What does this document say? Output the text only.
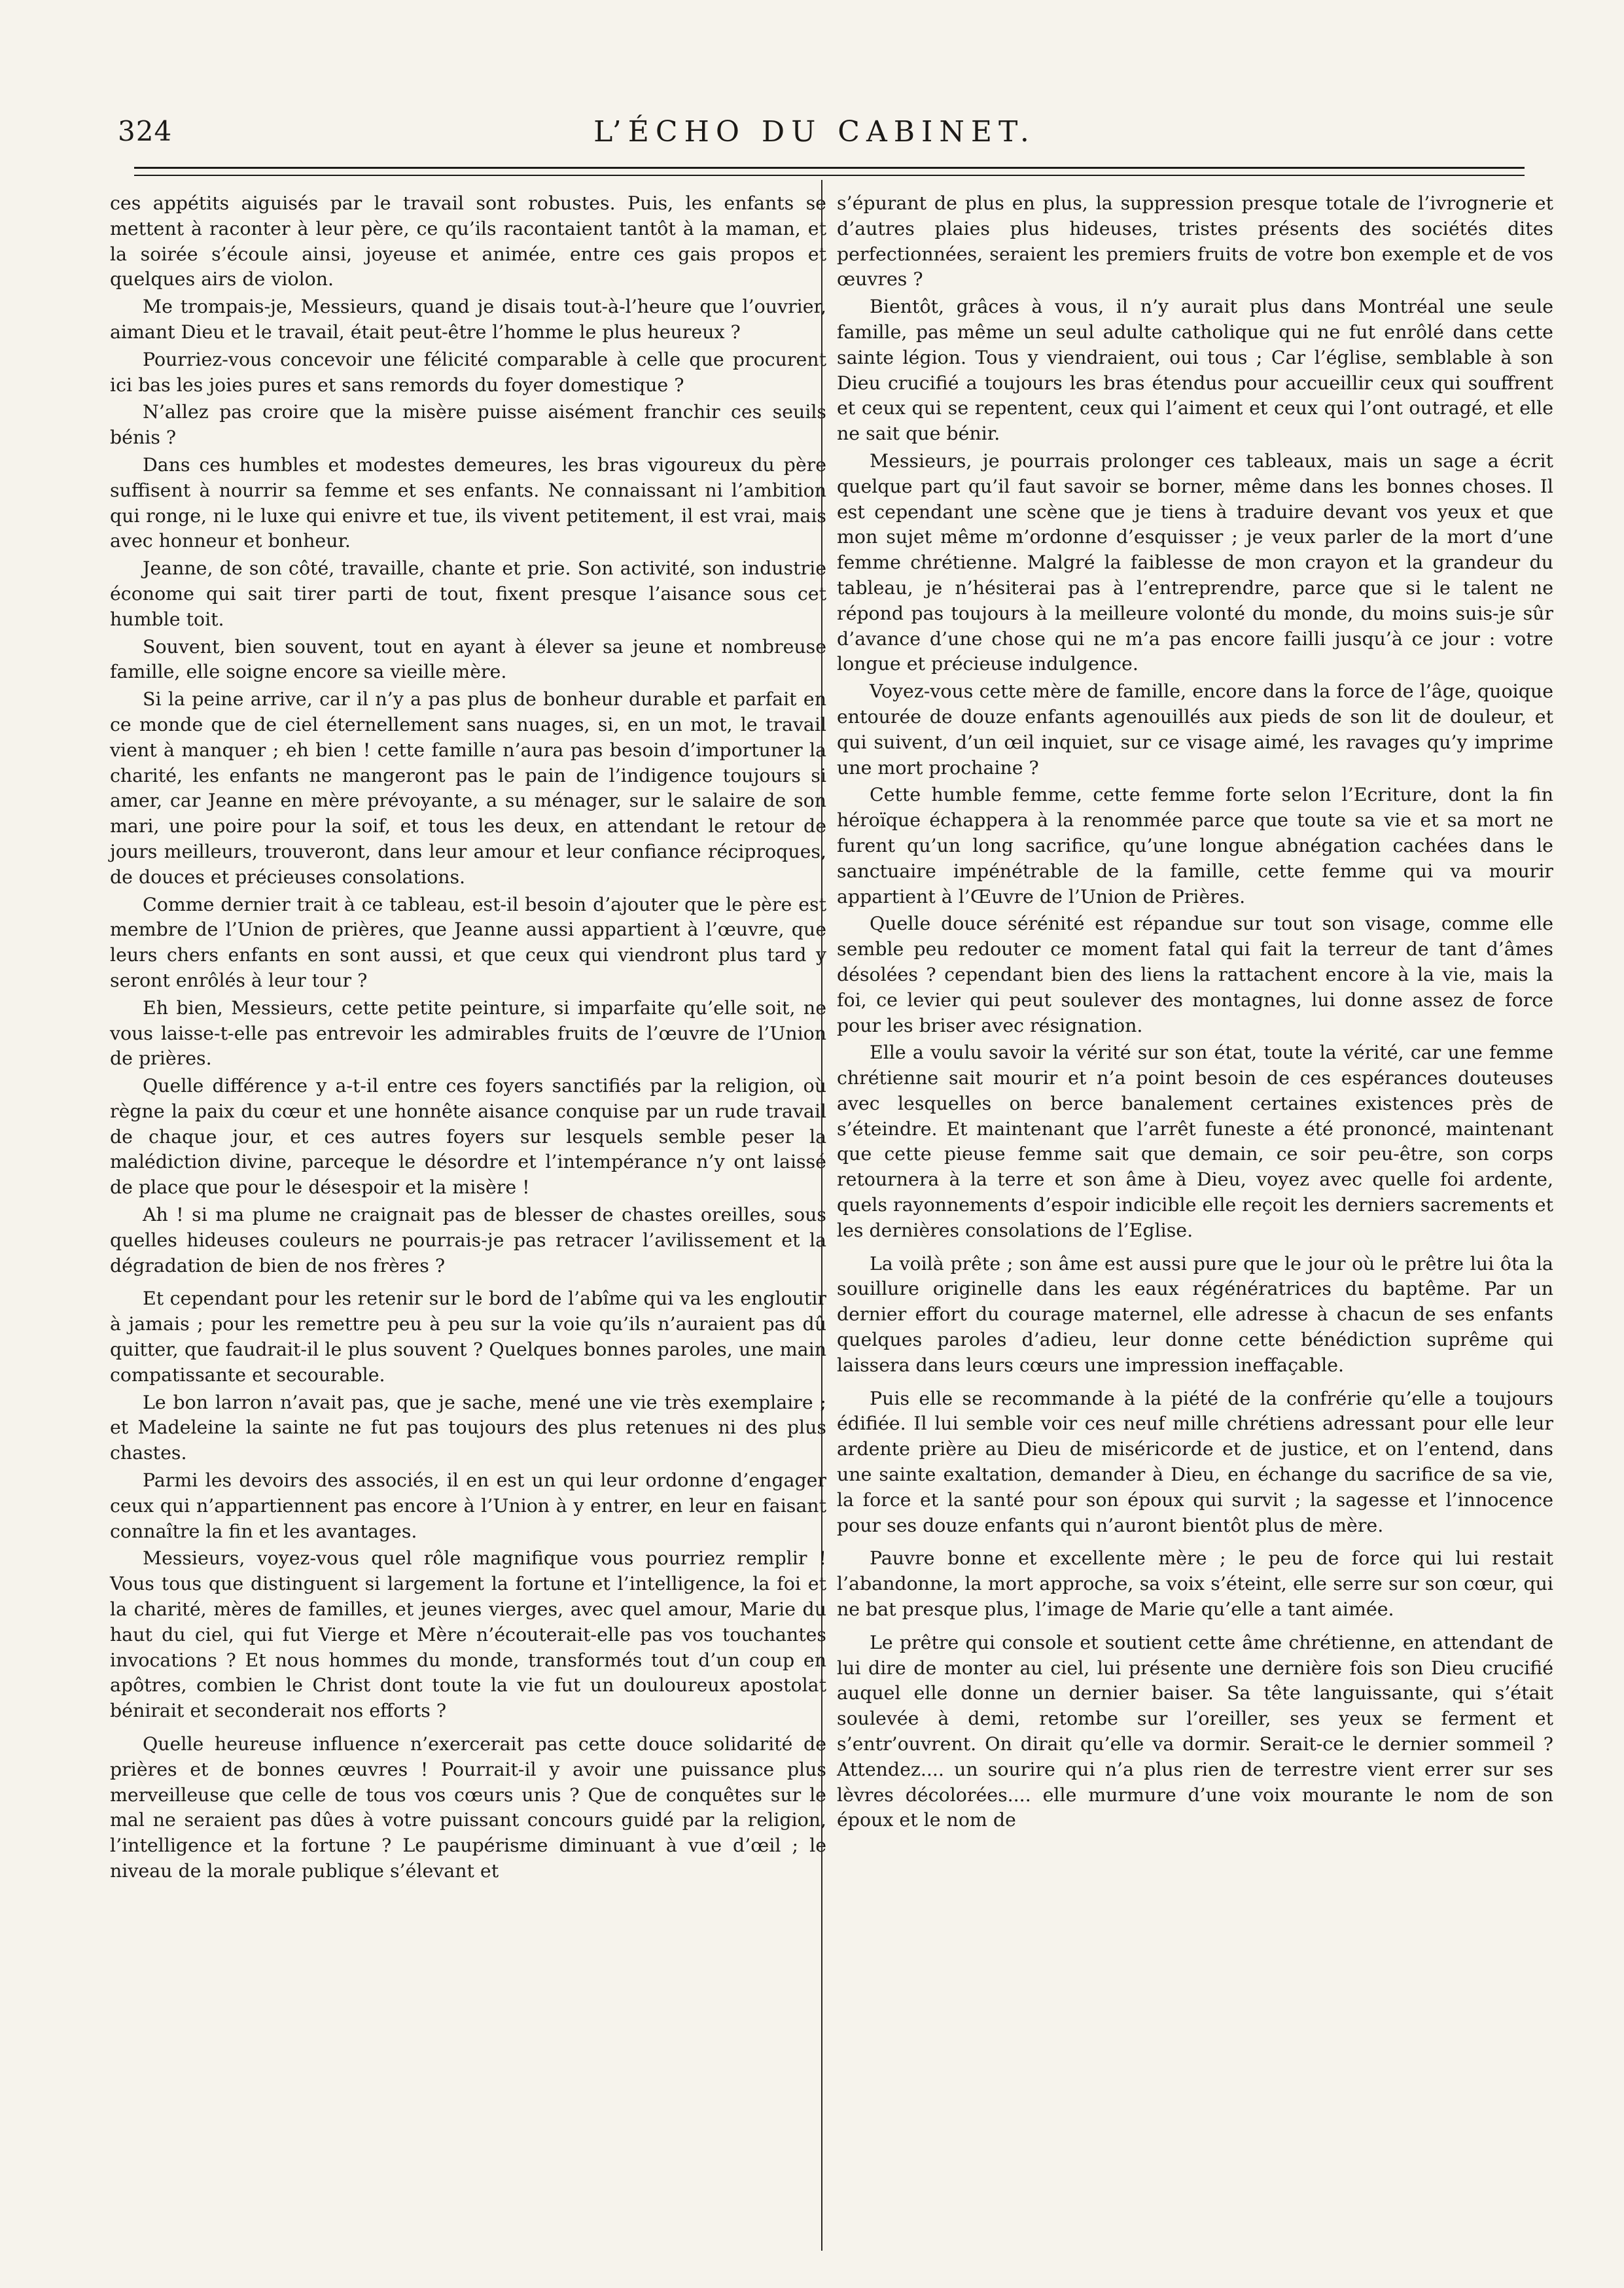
324	L’ÉCHO DU CABINET.

ces appétits aiguisés par le travail sont robustes. Puis, les enfants se mettent à raconter à leur père, ce qu’ils racontaient tantôt à la maman, et la soirée s’écoule ainsi, joyeuse et animée, entre ces gais propos et quelques airs de violon.

Me trompais-je, Messieurs, quand je disais tout-à-l’heure que l’ouvrier, aimant Dieu et le travail, était peut-être l’homme le plus heureux ?

Pourriez-vous concevoir une félicité comparable à celle que procurent ici bas les joies pures et sans remords du foyer domestique ?

N’allez pas croire que la misère puisse aisément franchir ces seuils bénis ?

Dans ces humbles et modestes demeures, les bras vigoureux du père suffisent à nourrir sa femme et ses enfants. Ne connaissant ni l’ambition qui ronge, ni le luxe qui enivre et tue, ils vivent petitement, il est vrai, mais avec honneur et bonheur.

Jeanne, de son côté, travaille, chante et prie. Son activité, son industrie économe qui sait tirer parti de tout, fixent presque l’aisance sous cet humble toit.

Souvent, bien souvent, tout en ayant à élever sa jeune et nombreuse famille, elle soigne encore sa vieille mère.

Si la peine arrive, car il n’y a pas plus de bonheur durable et parfait en ce monde que de ciel éternellement sans nuages, si, en un mot, le travail vient à manquer ; eh bien ! cette famille n’aura pas besoin d’importuner la charité, les enfants ne mangeront pas le pain de l’indigence toujours si amer, car Jeanne en mère prévoyante, a su ménager, sur le salaire de son mari, une poire pour la soif, et tous les deux, en attendant le retour de jours meilleurs, trouveront, dans leur amour et leur confiance réciproques, de douces et précieuses consolations.

Comme dernier trait à ce tableau, est-il besoin d’ajouter que le père est membre de l’Union de prières, que Jeanne aussi appartient à l’œuvre, que leurs chers enfants en sont aussi, et que ceux qui viendront plus tard y seront enrôlés à leur tour ?

Eh bien, Messieurs, cette petite peinture, si imparfaite qu’elle soit, ne vous laisse-t-elle pas entrevoir les admirables fruits de l’œuvre de l’Union de prières.

Quelle différence y a-t-il entre ces foyers sanctifiés par la religion, où règne la paix du cœur et une honnête aisance conquise par un rude travail de chaque jour, et ces autres foyers sur lesquels semble peser la malédiction divine, parceque le désordre et l’intempérance n’y ont laissé de place que pour le désespoir et la misère !

Ah ! si ma plume ne craignait pas de blesser de chastes oreilles, sous quelles hideuses couleurs ne pourrais-je pas retracer l’avilissement et la dégradation de bien de nos frères ?

Et cependant pour les retenir sur le bord de l’abîme qui va les engloutir à jamais ; pour les remettre peu à peu sur la voie qu’ils n’auraient pas dû quitter, que faudrait-il le plus souvent ? Quelques bonnes paroles, une main compatissante et secourable.

Le bon larron n’avait pas, que je sache, mené une vie très exemplaire ; et Madeleine la sainte ne fut pas toujours des plus retenues ni des plus chastes.

Parmi les devoirs des associés, il en est un qui leur ordonne d’engager ceux qui n’appartiennent pas encore à l’Union à y entrer, en leur en faisant connaître la fin et les avantages.

Messieurs, voyez-vous quel rôle magnifique vous pourriez remplir ! Vous tous que distinguent si largement la fortune et l’intelligence, la foi et la charité, mères de familles, et jeunes vierges, avec quel amour, Marie du haut du ciel, qui fut Vierge et Mère n’écouterait-elle pas vos touchantes invocations ? Et nous hommes du monde, transformés tout d’un coup en apôtres, combien le Christ dont toute la vie fut un douloureux apostolat bénirait et seconderait nos efforts ?

Quelle heureuse influence n’exercerait pas cette douce solidarité de prières et de bonnes œuvres ! Pourrait-il y avoir une puissance plus merveilleuse que celle de tous vos cœurs unis ? Que de conquêtes sur le mal ne seraient pas dûes à votre puissant concours guidé par la religion, l’intelligence et la fortune ? Le paupérisme diminuant à vue d’œil ; le niveau de la morale publique s’élevant et

s’épurant de plus en plus, la suppression presque totale de l’ivrognerie et d’autres plaies plus hideuses, tristes présents des sociétés dites perfectionnées, seraient les premiers fruits de votre bon exemple et de vos œuvres ?

Bientôt, grâces à vous, il n’y aurait plus dans Montréal une seule famille, pas même un seul adulte catholique qui ne fut enrôlé dans cette sainte légion. Tous y viendraient, oui tous ; Car l’église, semblable à son Dieu crucifié a toujours les bras étendus pour accueillir ceux qui souffrent et ceux qui se repentent, ceux qui l’aiment et ceux qui l’ont outragé, et elle ne sait que bénir.

Messieurs, je pourrais prolonger ces tableaux, mais un sage a écrit quelque part qu’il faut savoir se borner, même dans les bonnes choses. Il est cependant une scène que je tiens à traduire devant vos yeux et que mon sujet même m’ordonne d’esquisser ; je veux parler de la mort d’une femme chrétienne. Malgré la faiblesse de mon crayon et la grandeur du tableau, je n’hésiterai pas à l’entreprendre, parce que si le talent ne répond pas toujours à la meilleure volonté du monde, du moins suis-je sûr d’avance d’une chose qui ne m’a pas encore failli jusqu’à ce jour : votre longue et précieuse indulgence.

Voyez-vous cette mère de famille, encore dans la force de l’âge, quoique entourée de douze enfants agenouillés aux pieds de son lit de douleur, et qui suivent, d’un œil inquiet, sur ce visage aimé, les ravages qu’y imprime une mort prochaine ?

Cette humble femme, cette femme forte selon l’Ecriture, dont la fin héroïque échappera à la renommée parce que toute sa vie et sa mort ne furent qu’un long sacrifice, qu’une longue abnégation cachées dans le sanctuaire impénétrable de la famille, cette femme qui va mourir appartient à l’Œuvre de l’Union de Prières.

Quelle douce sérénité est répandue sur tout son visage, comme elle semble peu redouter ce moment fatal qui fait la terreur de tant d’âmes désolées ? cependant bien des liens la rattachent encore à la vie, mais la foi, ce levier qui peut soulever des montagnes, lui donne assez de force pour les briser avec résignation.

Elle a voulu savoir la vérité sur son état, toute la vérité, car une femme chrétienne sait mourir et n’a point besoin de ces espérances douteuses avec lesquelles on berce banalement certaines existences près de s’éteindre. Et maintenant que l’arrêt funeste a été prononcé, maintenant que cette pieuse femme sait que demain, ce soir peu-être, son corps retournera à la terre et son âme à Dieu, voyez avec quelle foi ardente, quels rayonnements d’espoir indicible elle reçoit les derniers sacrements et les dernières consolations de l’Eglise.

La voilà prête ; son âme est aussi pure que le jour où le prêtre lui ôta la souillure originelle dans les eaux régénératrices du baptême. Par un dernier effort du courage maternel, elle adresse à chacun de ses enfants quelques paroles d’adieu, leur donne cette bénédiction suprême qui laissera dans leurs cœurs une impression ineffaçable.

Puis elle se recommande à la piété de la confrérie qu’elle a toujours édifiée. Il lui semble voir ces neuf mille chrétiens adressant pour elle leur ardente prière au Dieu de miséricorde et de justice, et on l’entend, dans une sainte exaltation, demander à Dieu, en échange du sacrifice de sa vie, la force et la santé pour son époux qui survit ; la sagesse et l’innocence pour ses douze enfants qui n’auront bientôt plus de mère.

Pauvre bonne et excellente mère ; le peu de force qui lui restait l’abandonne, la mort approche, sa voix s’éteint, elle serre sur son cœur, qui ne bat presque plus, l’image de Marie qu’elle a tant aimée.

Le prêtre qui console et soutient cette âme chrétienne, en attendant de lui dire de monter au ciel, lui présente une dernière fois son Dieu crucifié auquel elle donne un dernier baiser. Sa tête languissante, qui s’était soulevée à demi, retombe sur l’oreiller, ses yeux se ferment et s’entr’ouvrent. On dirait qu’elle va dormir. Serait-ce le dernier sommeil ? Attendez.... un sourire qui n’a plus rien de terrestre vient errer sur ses lèvres décolorées.... elle murmure d’une voix mourante le nom de son époux et le nom de
